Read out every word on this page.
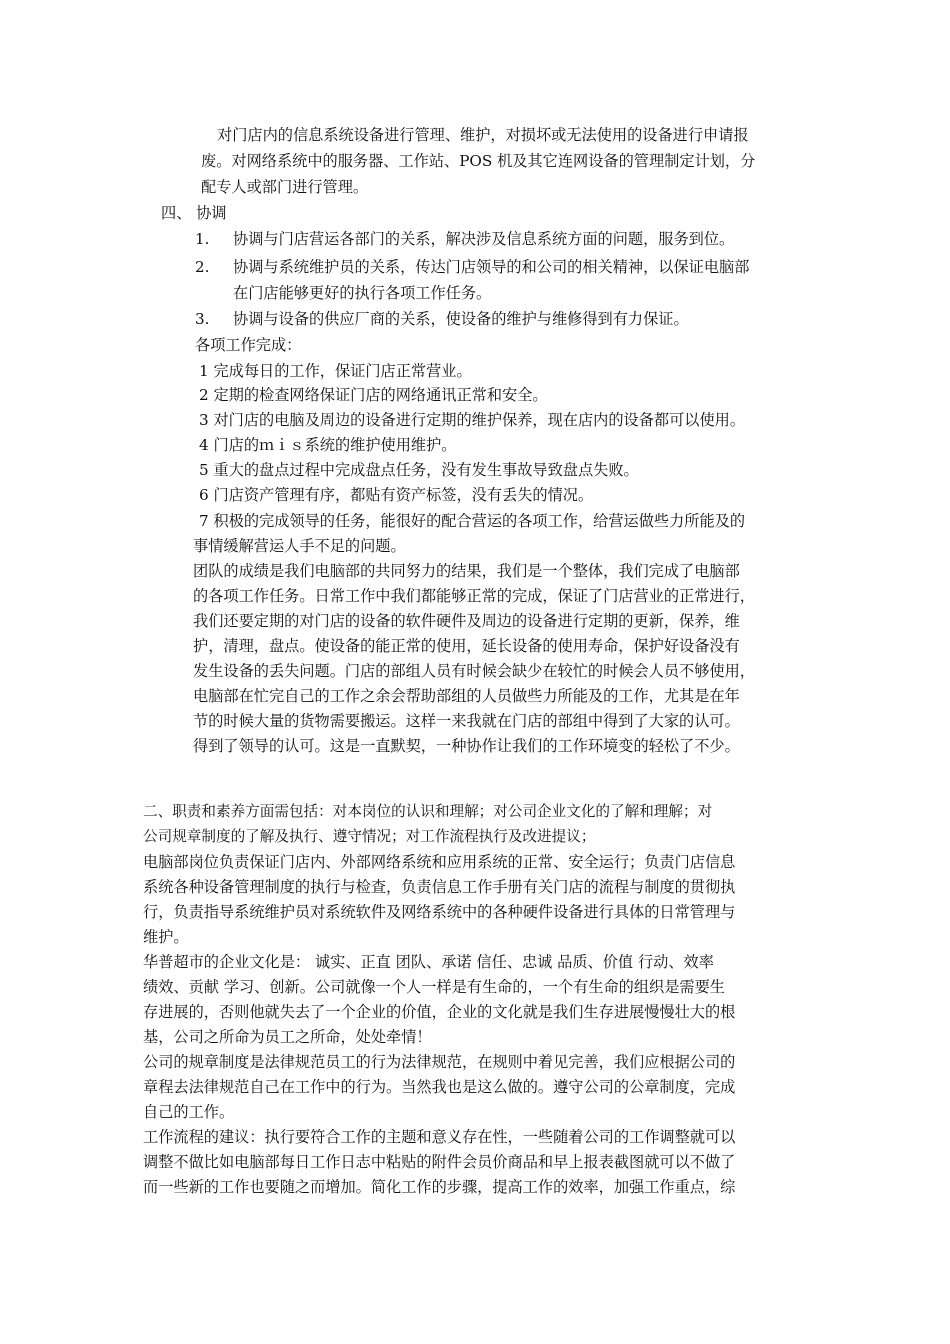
对门店内的信息系统设备进行管理、维护，对损坏或无法使用的设备进行申请报
废。对网络系统中的服务器、工作站、POS 机及其它连网设备的管理制定计划，分
配专人或部门进行管理。
四、 协调
1. 协调与门店营运各部门的关系，解决涉及信息系统方面的问题，服务到位。
2. 协调与系统维护员的关系，传达门店领导的和公司的相关精神，以保证电脑部
在门店能够更好的执行各项工作任务。
3. 协调与设备的供应厂商的关系，使设备的维护与维修得到有力保证。
各项工作完成：
1 完成每日的工作，保证门店正常营业。
2 定期的检查网络保证门店的网络通讯正常和安全。
3 对门店的电脑及周边的设备进行定期的维护保养，现在店内的设备都可以使用。
4 门店的ｍｉｓ系统的维护使用维护。
5 重大的盘点过程中完成盘点任务，没有发生事故导致盘点失败。
6 门店资产管理有序，都贴有资产标签，没有丢失的情况。
7 积极的完成领导的任务，能很好的配合营运的各项工作，给营运做些力所能及的
事情缓解营运人手不足的问题。
团队的成绩是我们电脑部的共同努力的结果，我们是一个整体，我们完成了电脑部
的各项工作任务。日常工作中我们都能够正常的完成，保证了门店营业的正常进行，
我们还要定期的对门店的设备的软件硬件及周边的设备进行定期的更新，保养，维
护，清理，盘点。使设备的能正常的使用，延长设备的使用寿命，保护好设备没有
发生设备的丢失问题。门店的部组人员有时候会缺少在较忙的时候会人员不够使用，
电脑部在忙完自己的工作之余会帮助部组的人员做些力所能及的工作，尤其是在年
节的时候大量的货物需要搬运。这样一来我就在门店的部组中得到了大家的认可。
得到了领导的认可。这是一直默契，一种协作让我们的工作环境变的轻松了不少。
二、职责和素养方面需包括：对本岗位的认识和理解；对公司企业文化的了解和理解；对
公司规章制度的了解及执行、遵守情况；对工作流程执行及改进提议；
电脑部岗位负责保证门店内、外部网络系统和应用系统的正常、安全运行；负责门店信息
系统各种设备管理制度的执行与检查，负责信息工作手册有关门店的流程与制度的贯彻执
行，负责指导系统维护员对系统软件及网络系统中的各种硬件设备进行具体的日常管理与
维护。
华普超市的企业文化是： 诚实、正直 团队、承诺 信任、忠诚 品质、价值 行动、效率
绩效、贡献 学习、创新。公司就像一个人一样是有生命的，一个有生命的组织是需要生
存进展的，否则他就失去了一个企业的价值，企业的文化就是我们生存进展慢慢壮大的根
基，公司之所命为员工之所命，处处牵情！
公司的规章制度是法律规范员工的行为法律规范，在规则中着见完善，我们应根据公司的
章程去法律规范自己在工作中的行为。当然我也是这么做的。遵守公司的公章制度，完成
自己的工作。
工作流程的建议：执行要符合工作的主题和意义存在性，一些随着公司的工作调整就可以
调整不做比如电脑部每日工作日志中粘贴的附件会员价商品和早上报表截图就可以不做了
而一些新的工作也要随之而增加。简化工作的步骤，提高工作的效率，加强工作重点，综
